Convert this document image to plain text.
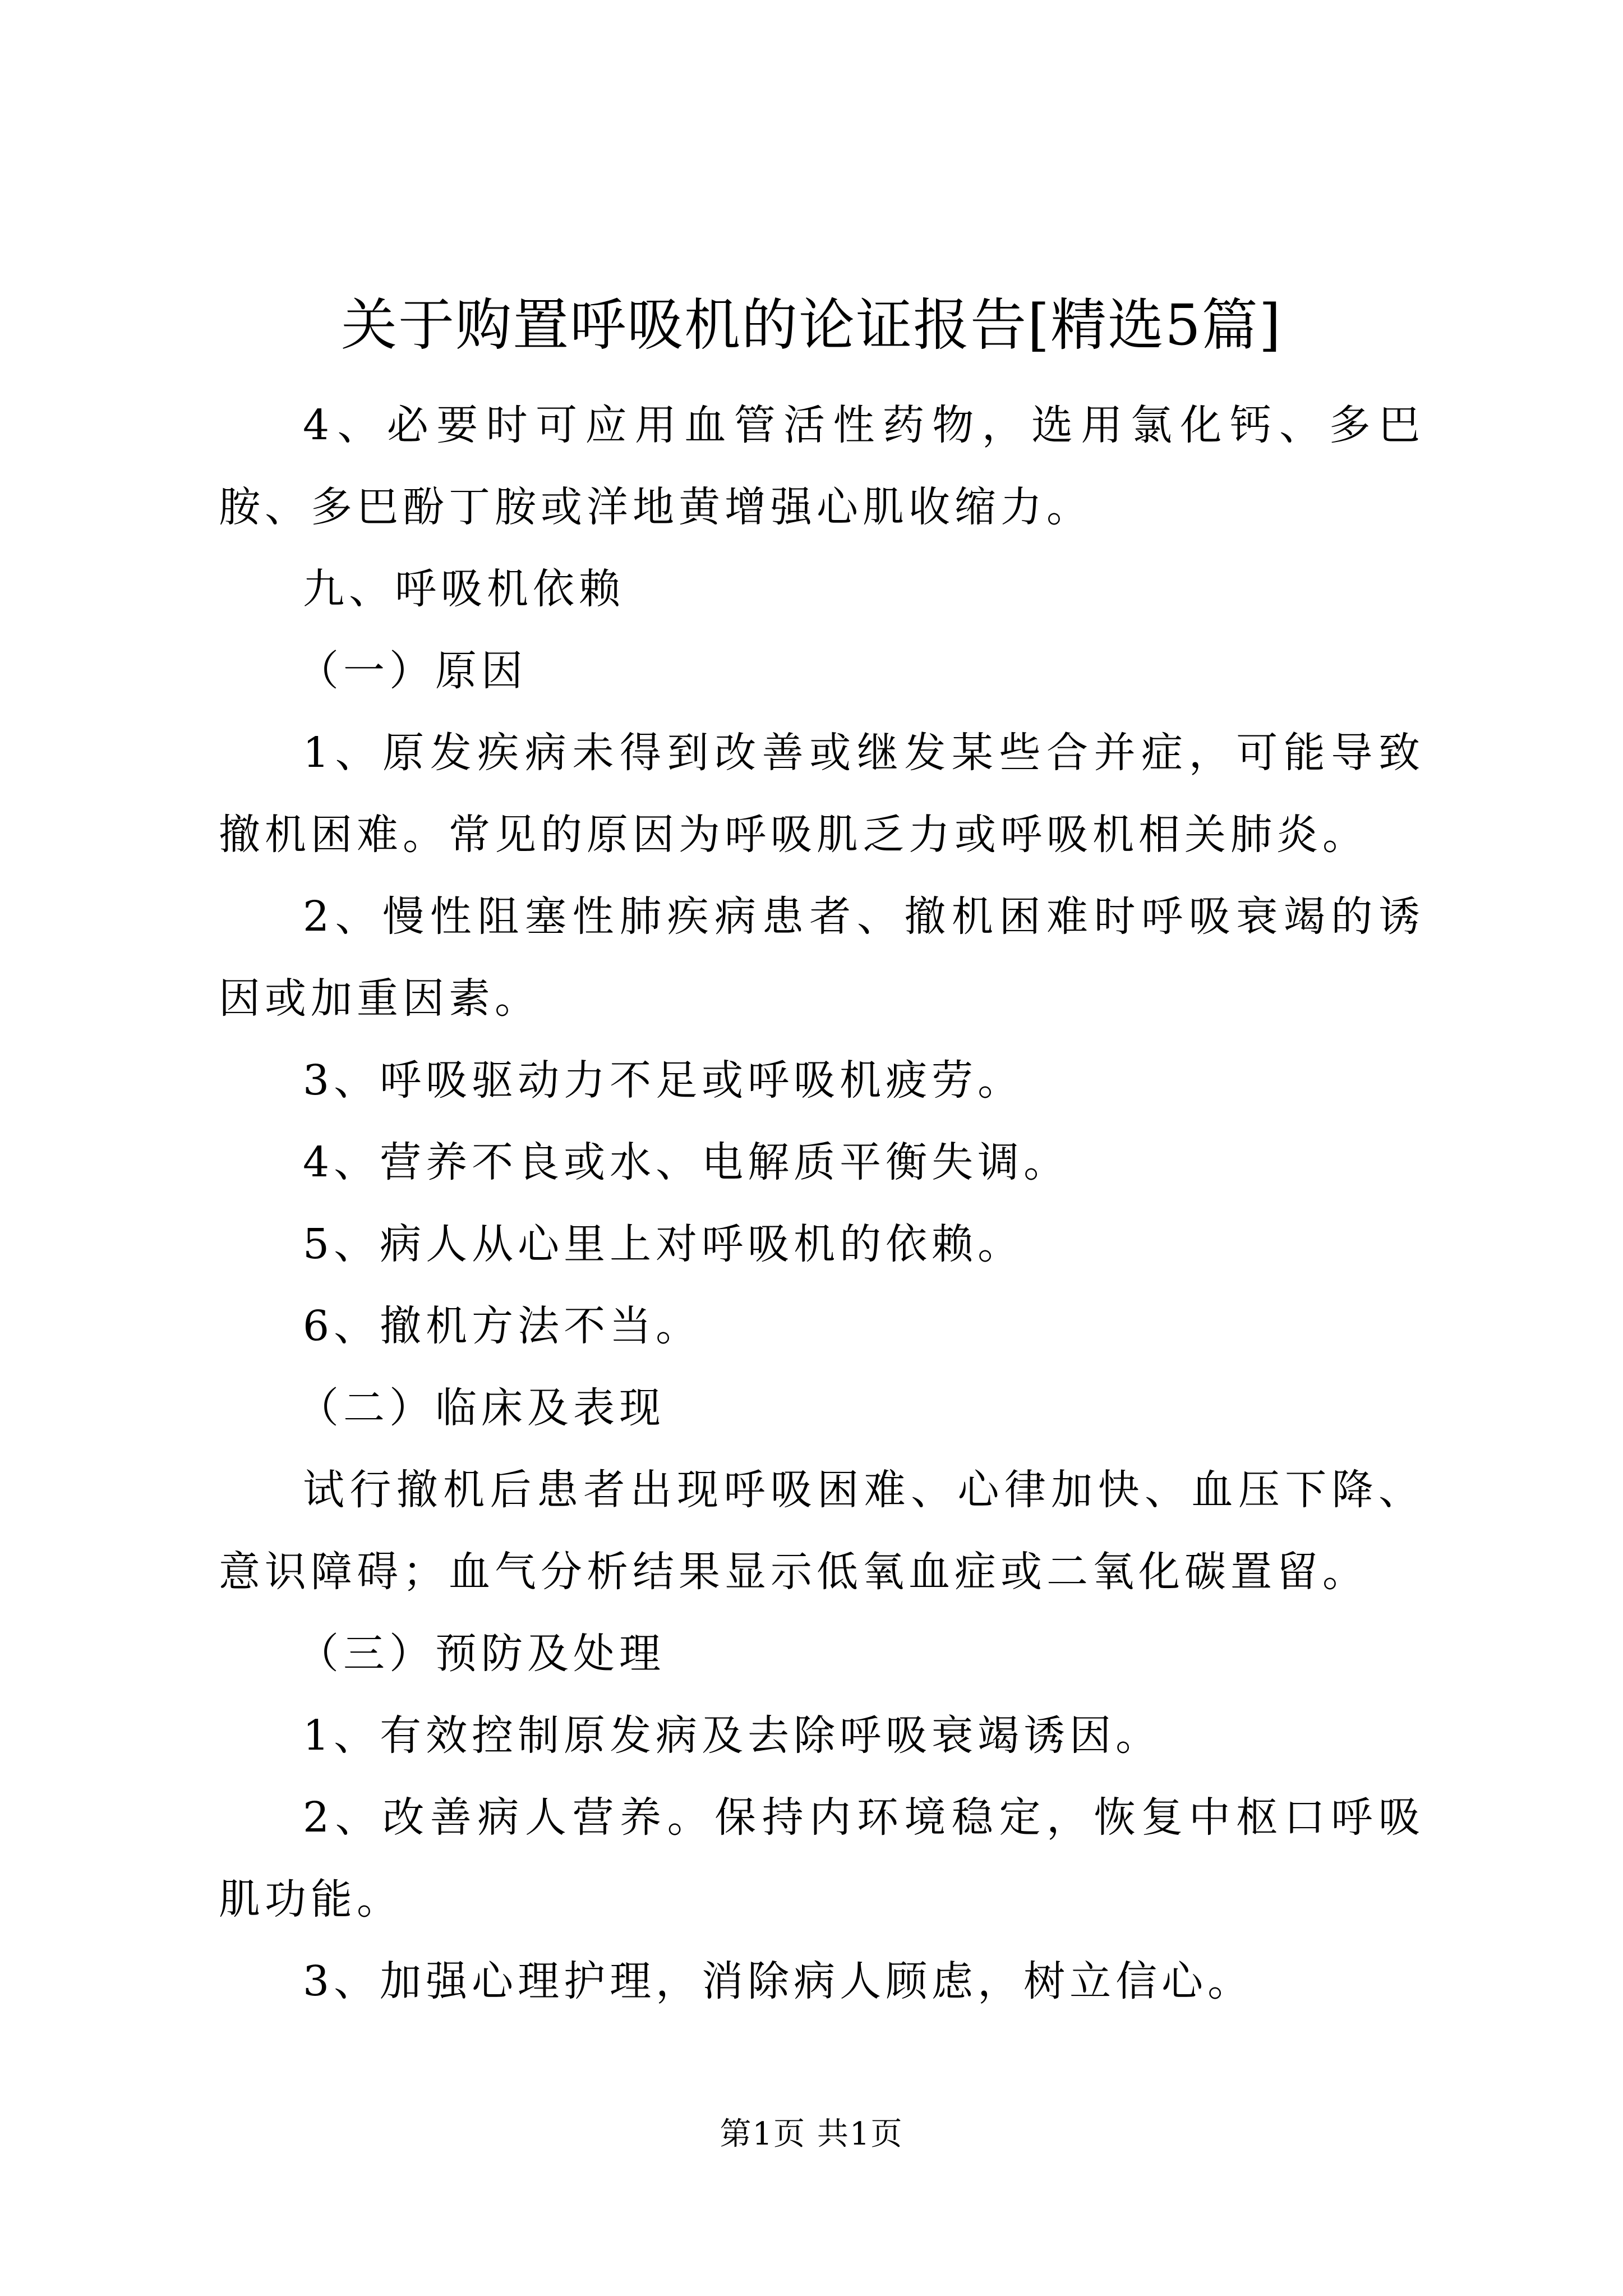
关于购置呼吸机的论证报告[精选5篇]

4、必要时可应用血管活性药物，选用氯化钙、多巴胺、多巴酚丁胺或洋地黄增强心肌收缩力。

九、呼吸机依赖

（一）原因

1、原发疾病未得到改善或继发某些合并症，可能导致撤机困难。常见的原因为呼吸肌乏力或呼吸机相关肺炎。

2、慢性阻塞性肺疾病患者、撤机困难时呼吸衰竭的诱因或加重因素。

3、呼吸驱动力不足或呼吸机疲劳。

4、营养不良或水、电解质平衡失调。

5、病人从心里上对呼吸机的依赖。

6、撤机方法不当。

（二）临床及表现

试行撤机后患者出现呼吸困难、心律加快、血压下降、意识障碍；血气分析结果显示低氧血症或二氧化碳置留。

（三）预防及处理

1、有效控制原发病及去除呼吸衰竭诱因。

2、改善病人营养。保持内环境稳定，恢复中枢口呼吸肌功能。

3、加强心理护理，消除病人顾虑，树立信心。

第1页 共1页
